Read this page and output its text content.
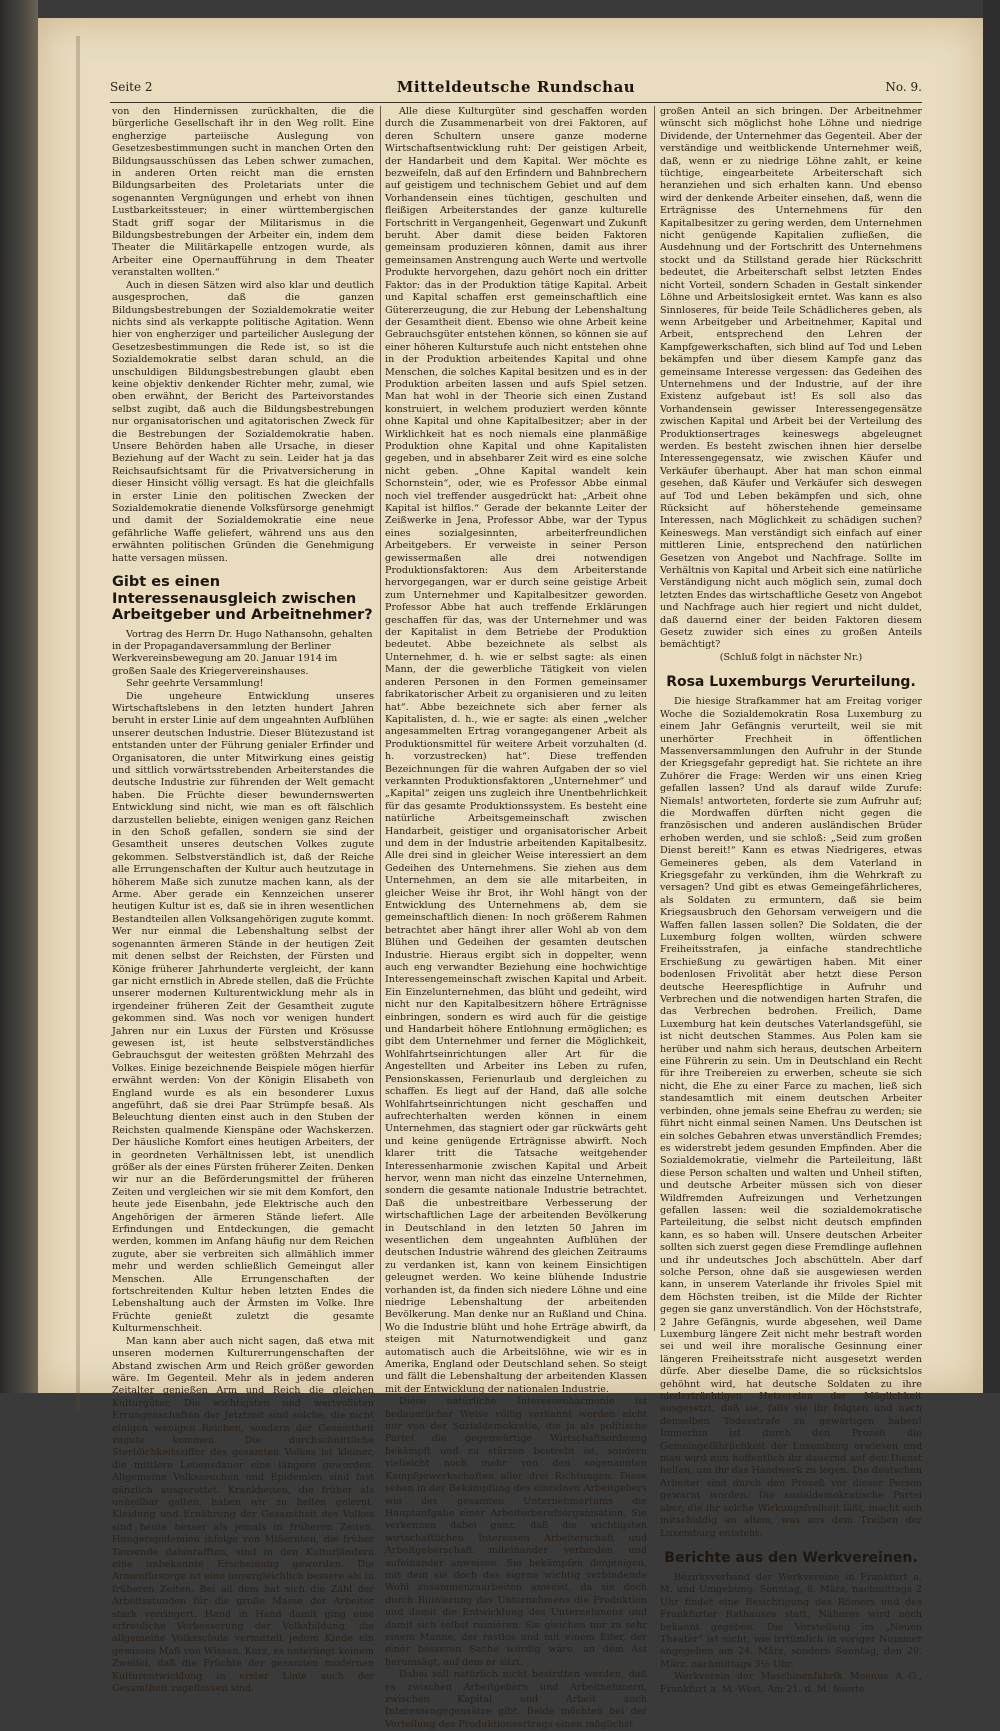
Seite 2	Mitteldeutsche Rundschau	No. 9.

von den Hindernissen zurückhalten, die die bürgerliche Gesellschaft ihr in den Weg rollt. Eine engherzige parteiische Auslegung von Gesetzesbestimmungen sucht in manchen Orten den Bildungsausschüssen das Leben schwer zumachen, in anderen Orten reicht man die ernsten Bildungsarbeiten des Proletariats unter die sogenannten Vergnügungen und erhebt von ihnen Lustbarkeitssteuer; in einer württembergischen Stadt griff sogar der Militarismus in die Bildungsbestrebungen der Arbeiter ein, indem dem Theater die Militärkapelle entzogen wurde, als Arbeiter eine Opernaufführung in dem Theater veranstalten wollten.“

Auch in diesen Sätzen wird also klar und deutlich ausgesprochen, daß die ganzen Bildungsbestrebungen der Sozialdemokratie weiter nichts sind als verkappte politische Agitation. Wenn hier von engherziger und parteilicher Auslegung der Gesetzesbestimmungen die Rede ist, so ist die Sozialdemokratie selbst daran schuld, an die unschuldigen Bildungsbestrebungen glaubt eben keine objektiv denkender Richter mehr, zumal, wie oben erwähnt, der Bericht des Parteivorstandes selbst zugibt, daß auch die Bildungsbestrebungen nur organisatorischen und agitatorischen Zweck für die Bestrebungen der Sozialdemokratie haben. Unsere Behörden haben alle Ursache, in dieser Beziehung auf der Wacht zu sein. Leider hat ja das Reichsaufsichtsamt für die Privatversicherung in dieser Hinsicht völlig versagt. Es hat die gleichfalls in erster Linie den politischen Zwecken der Sozialdemokratie dienende Volksfürsorge genehmigt und damit der Sozialdemokratie eine neue gefährliche Waffe geliefert, während uns aus den erwähnten politischen Gründen die Genehmigung hatte versagen müssen.

Gibt es einen Interessenausgleich zwischen Arbeitgeber und Arbeitnehmer?

Vortrag des Herrn Dr. Hugo Nathansohn, gehalten in der Propagandaversammlung der Berliner Werkvereinsbewegung am 20. Januar 1914 im großen Saale des Kriegervereinshauses.

Sehr geehrte Versammlung!

Die ungeheure Entwicklung unseres Wirtschaftslebens in den letzten hundert Jahren beruht in erster Linie auf dem ungeahnten Aufblühen unserer deutschen Industrie. Dieser Blütezustand ist entstanden unter der Führung genialer Erfinder und Organisatoren, die unter Mitwirkung eines geistig und sittlich vorwärtsstrebenden Arbeiterstandes die deutsche Industrie zur führenden der Welt gemacht haben. Die Früchte dieser bewundernswerten Entwicklung sind nicht, wie man es oft fälschlich darzustellen beliebte, einigen wenigen ganz Reichen in den Schoß gefallen, sondern sie sind der Gesamtheit unseres deutschen Volkes zugute gekommen. Selbstverständlich ist, daß der Reiche alle Errungenschaften der Kultur auch heutzutage in höherem Maße sich zunutze machen kann, als der Arme. Aber gerade ein Kennzeichen unserer heutigen Kultur ist es, daß sie in ihren wesentlichen Bestandteilen allen Volksangehörigen zugute kommt. Wer nur einmal die Lebenshaltung selbst der sogenannten ärmeren Stände in der heutigen Zeit mit denen selbst der Reichsten, der Fürsten und Könige früherer Jahrhunderte vergleicht, der kann gar nicht ernstlich in Abrede stellen, daß die Früchte unserer modernen Kulturentwicklung mehr als in irgendeiner früheren Zeit der Gesamtheit zugute gekommen sind. Was noch vor wenigen hundert Jahren nur ein Luxus der Fürsten und Krösusse gewesen ist, ist heute selbstverständliches Gebrauchsgut der weitesten größten Mehrzahl des Volkes. Einige bezeichnende Beispiele mögen hierfür erwähnt werden: Von der Königin Elisabeth von England wurde es als ein besonderer Luxus angeführt, daß sie drei Paar Strümpfe besaß. Als Beleuchtung dienten einst auch in den Stuben der Reichsten qualmende Kienspäne oder Wachskerzen. Der häusliche Komfort eines heutigen Arbeiters, der in geordneten Verhältnissen lebt, ist unendlich größer als der eines Fürsten früherer Zeiten. Denken wir nur an die Beförderungsmittel der früheren Zeiten und vergleichen wir sie mit dem Komfort, den heute jede Eisenbahn, jede Elektrische auch den Angehörigen der ärmeren Stände liefert. Alle Erfindungen und Entdeckungen, die gemacht werden, kommen im Anfang häufig nur dem Reichen zugute, aber sie verbreiten sich allmählich immer mehr und werden schließlich Gemeingut aller Menschen. Alle Errungenschaften der fortschreitenden Kultur heben letzten Endes die Lebenshaltung auch der Ärmsten im Volke. Ihre Früchte genießt zuletzt die gesamte Kulturmenschheit.

Man kann aber auch nicht sagen, daß etwa mit unseren modernen Kulturerrungenschaften der Abstand zwischen Arm und Reich größer geworden wäre. Im Gegenteil. Mehr als in jedem anderen Zeitalter genießen Arm und Reich die gleichen Kulturgüter. Die wichtigsten und wertvollsten Errungenschaften der Jetztzeit sind solche, die nicht einigen wenigen Reichen, sondern der Gesamtheit zugute kommen. Die durchschnittliche Sterblichkeitsziffer des gesamten Volkes ist kleiner, die mittlere Lebensdauer eine längere geworden. Allgemeine Volksseuchen und Epidemien sind fast gänzlich ausgerottet. Krankheiten, die früher als unheilbar galten, haben wir zu heilen gelernt. Kleidung und Ernährung der Gesamtheit des Volkes sind heute besser als jemals in früheren Zeiten. Hungerepidemien infolge von Mißernten, die früher Tausende dahinrafften, sind in den Kulturländern eine unbekannte Erscheinung geworden. Die Armenfürsorge ist eine unvergleichlich bessere als in früheren Zeiten. Bei all dem hat sich die Zahl der Arbeitsstunden für die große Masse der Arbeiter stark verringert. Hand in Hand damit ging eine erfreuliche Verbesserung der Volksbildung, die allgemeine Volksschule vermittelt jedem Kinde ein gewisses Maß von Wissen. Kurz, es unterliegt keinem Zweifel, daß die Früchte der gesamten modernen Kulturentwicklung in erster Linie auch der Gesamtheit zugeflossen sind.

Alle diese Kulturgüter sind geschaffen worden durch die Zusammenarbeit von drei Faktoren, auf deren Schultern unsere ganze moderne Wirtschaftsentwicklung ruht: Der geistigen Arbeit, der Handarbeit und dem Kapital. Wer möchte es bezweifeln, daß auf den Erfindern und Bahnbrechern auf geistigem und technischem Gebiet und auf dem Vorhandensein eines tüchtigen, geschulten und fleißigen Arbeiterstandes der ganze kulturelle Fortschritt in Vergangenheit, Gegenwart und Zukunft beruht. Aber damit diese beiden Faktoren gemeinsam produzieren können, damit aus ihrer gemeinsamen Anstrengung auch Werte und wertvolle Produkte hervorgehen, dazu gehört noch ein dritter Faktor: das in der Produktion tätige Kapital. Arbeit und Kapital schaffen erst gemeinschaftlich eine Gütererzeugung, die zur Hebung der Lebenshaltung der Gesamtheit dient. Ebenso wie ohne Arbeit keine Gebrauchsgüter entstehen können, so können sie auf einer höheren Kulturstufe auch nicht entstehen ohne in der Produktion arbeitendes Kapital und ohne Menschen, die solches Kapital besitzen und es in der Produktion arbeiten lassen und aufs Spiel setzen. Man hat wohl in der Theorie sich einen Zustand konstruiert, in welchem produziert werden könnte ohne Kapital und ohne Kapitalbesitzer; aber in der Wirklichkeit hat es noch niemals eine planmäßige Produktion ohne Kapital und ohne Kapitalisten gegeben, und in absehbarer Zeit wird es eine solche nicht geben. „Ohne Kapital wandelt kein Schornstein“, oder, wie es Professor Abbe einmal noch viel treffender ausgedrückt hat: „Arbeit ohne Kapital ist hilflos.“ Gerade der bekannte Leiter der Zeißwerke in Jena, Professor Abbe, war der Typus eines sozialgesinnten, arbeiterfreundlichen Arbeitgebers. Er verweiste in seiner Person gewissermaßen alle drei notwendigen Produktionsfaktoren: Aus dem Arbeiterstande hervorgegangen, war er durch seine geistige Arbeit zum Unternehmer und Kapitalbesitzer geworden. Professor Abbe hat auch treffende Erklärungen geschaffen für das, was der Unternehmer und was der Kapitalist in dem Betriebe der Produktion bedeutet. Abbe bezeichnete als selbst als Unternehmer, d. h. wie er selbst sagte: als einen Mann, der die gewerbliche Tätigkeit von vielen anderen Personen in den Formen gemeinsamer fabrikatorischer Arbeit zu organisieren und zu leiten hat“. Abbe bezeichnete sich aber ferner als Kapitalisten, d. h., wie er sagte: als einen „welcher angesammelten Ertrag vorangegangener Arbeit als Produktionsmittel für weitere Arbeit vorzuhalten (d. h. vorzustrecken) hat“. Diese treffenden Bezeichnungen für die wahren Aufgaben der so viel verkannten Produktionsfaktoren „Unternehmer“ und „Kapital“ zeigen uns zugleich ihre Unentbehrlichkeit für das gesamte Produktionssystem. Es besteht eine natürliche Arbeitsgemeinschaft zwischen Handarbeit, geistiger und organisatorischer Arbeit und dem in der Industrie arbeitenden Kapitalbesitz. Alle drei sind in gleicher Weise interessiert an dem Gedeihen des Unternehmens. Sie ziehen aus dem Unternehmen, an dem sie alle mitarbeiten, in gleicher Weise ihr Brot, ihr Wohl hängt von der Entwicklung des Unternehmens ab, dem sie gemeinschaftlich dienen: In noch größerem Rahmen betrachtet aber hängt ihrer aller Wohl ab von dem Blühen und Gedeihen der gesamten deutschen Industrie. Hieraus ergibt sich in doppelter, wenn auch eng verwandter Beziehung eine hochwichtige Interessengemeinschaft zwischen Kapital und Arbeit. Ein Einzelunternehmen, das blüht und gedeiht, wird nicht nur den Kapitalbesitzern höhere Erträgnisse einbringen, sondern es wird auch für die geistige und Handarbeit höhere Entlohnung ermöglichen; es gibt dem Unternehmer und ferner die Möglichkeit, Wohlfahrtseinrichtungen aller Art für die Angestellten und Arbeiter ins Leben zu rufen, Pensionskassen, Ferienurlaub und dergleichen zu schaffen. Es liegt auf der Hand, daß alle solche Wohlfahrtseinrichtungen nicht geschaffen und aufrechterhalten werden können in einem Unternehmen, das stagniert oder gar rückwärts geht und keine genügende Erträgnisse abwirft. Noch klarer tritt die Tatsache weitgehender Interessenharmonie zwischen Kapital und Arbeit hervor, wenn man nicht das einzelne Unternehmen, sondern die gesamte nationale Industrie betrachtet. Daß die unbestreitbare Verbesserung der wirtschaftlichen Lage der arbeitenden Bevölkerung in Deutschland in den letzten 50 Jahren im wesentlichen dem ungeahnten Aufblühen der deutschen Industrie während des gleichen Zeitraums zu verdanken ist, kann von keinem Einsichtigen geleugnet werden. Wo keine blühende Industrie vorhanden ist, da finden sich niedere Löhne und eine niedrige Lebenshaltung der arbeitenden Bevölkerung. Man denke nur an Rußland und China. Wo die Industrie blüht und hohe Erträge abwirft, da steigen mit Naturnotwendigkeit und ganz automatisch auch die Arbeitslöhne, wie wir es in Amerika, England oder Deutschland sehen. So steigt und fällt die Lebenshaltung der arbeitenden Klassen mit der Entwicklung der nationalen Industrie.

Diese natürliche Interessenharmonie ist bedauerlicher Weise völlig verkannt worden nicht nur von der Sozialdemokratie, die ja als politische Partei die gegenwärtige Wirtschaftsordnung bekämpft und zu stürzen bestrebt ist, sondern vielleicht noch mehr von den sogenannten Kampfgewerkschaften aller drei Richtungen. Diese sehen in der Bekämpfung des einzelnen Arbeitgebers wie des gesamten Unternehmertums die Hauptaufgabe einer Arbeiterberufsorganisation. Sie verkennen dabei ganz, daß die wichtigsten wirtschaftlichen Interessen Arbeiterschaft und Arbeitgeberschaft miteinander verbinden und aufeinander anweisen. Sie bekämpfen denjenigen, mit dem sie doch das eigene wichtig verbindende Wohl zusammenzuarbeiten anweist, da sie doch durch Ruinierung des Unternehmens die Produktion und damit die Entwicklung des Unternehmens und damit sich selbst ruinieren. Sie gleichen nur zu sehr einem Manne, der rastlos und mit einem Eifer, der einer besseren Sache würdig wäre, an dem Ast herumsägt, auf dem er sitzt.

Dabei soll natürlich nicht bestritten werden, daß es zwischen Arbeitgebern und Arbeitnehmern, zwischen Kapital und Arbeit auch Interessengegensätze gibt. Beide möchten bei der Verteilung des Produktionsertrags einen möglichst

großen Anteil an sich bringen. Der Arbeitnehmer wünscht sich möglichst hohe Löhne und niedrige Dividende, der Unternehmer das Gegenteil. Aber der verständige und weitblickende Unternehmer weiß, daß, wenn er zu niedrige Löhne zahlt, er keine tüchtige, eingearbeitete Arbeiterschaft sich heranziehen und sich erhalten kann. Und ebenso wird der denkende Arbeiter einsehen, daß, wenn die Erträgnisse des Unternehmens für den Kapitalbesitzer zu gering werden, dem Unternehmen nicht genügende Kapitalien zufließen, die Ausdehnung und der Fortschritt des Unternehmens stockt und da Stillstand gerade hier Rückschritt bedeutet, die Arbeiterschaft selbst letzten Endes nicht Vorteil, sondern Schaden in Gestalt sinkender Löhne und Arbeitslosigkeit erntet. Was kann es also Sinnloseres, für beide Teile Schädlicheres geben, als wenn Arbeitgeber und Arbeitnehmer, Kapital und Arbeit, entsprechend den Lehren der Kampfgewerkschaften, sich blind auf Tod und Leben bekämpfen und über diesem Kampfe ganz das gemeinsame Interesse vergessen: das Gedeihen des Unternehmens und der Industrie, auf der ihre Existenz aufgebaut ist! Es soll also das Vorhandensein gewisser Interessengegensätze zwischen Kapital und Arbeit bei der Verteilung des Produktionsertrages keineswegs abgeleugnet werden. Es besteht zwischen ihnen hier derselbe Interessengegensatz, wie zwischen Käufer und Verkäufer überhaupt. Aber hat man schon einmal gesehen, daß Käufer und Verkäufer sich deswegen auf Tod und Leben bekämpfen und sich, ohne Rücksicht auf höherstehende gemeinsame Interessen, nach Möglichkeit zu schädigen suchen? Keineswegs. Man verständigt sich einfach auf einer mittleren Linie, entsprechend den natürlichen Gesetzen von Angebot und Nachfrage. Sollte im Verhältnis von Kapital und Arbeit sich eine natürliche Verständigung nicht auch möglich sein, zumal doch letzten Endes das wirtschaftliche Gesetz von Angebot und Nachfrage auch hier regiert und nicht duldet, daß dauernd einer der beiden Faktoren diesem Gesetz zuwider sich eines zu großen Anteils bemächtigt?

(Schluß folgt in nächster Nr.)

Rosa Luxemburgs Verurteilung.

Die hiesige Strafkammer hat am Freitag voriger Woche die Sozialdemokratin Rosa Luxemburg zu einem Jahr Gefängnis verurteilt, weil sie mit unerhörter Frechheit in öffentlichen Massenversammlungen den Aufruhr in der Stunde der Kriegsgefahr gepredigt hat. Sie richtete an ihre Zuhörer die Frage: Werden wir uns einen Krieg gefallen lassen? Und als darauf wilde Zurufe: Niemals! antworteten, forderte sie zum Aufruhr auf; die Mordwaffen dürften nicht gegen die französischen und anderen ausländischen Brüder erhoben werden, und sie schloß: „Seid zum großen Dienst bereit!“ Kann es etwas Niedrigeres, etwas Gemeineres geben, als dem Vaterland in Kriegsgefahr zu verkünden, ihm die Wehrkraft zu versagen? Und gibt es etwas Gemeingefährlicheres, als Soldaten zu ermuntern, daß sie beim Kriegsausbruch den Gehorsam verweigern und die Waffen fallen lassen sollen? Die Soldaten, die der Luxemburg folgen wollten, würden schwere Freiheitsstrafen, ja einfache standrechtliche Erschießung zu gewärtigen haben. Mit einer bodenlosen Frivolität aber hetzt diese Person deutsche Heerespflichtige in Aufruhr und Verbrechen und die notwendigen harten Strafen, die das Verbrechen bedrohen. Freilich, Dame Luxemburg hat kein deutsches Vaterlandsgefühl, sie ist nicht deutschen Stammes. Aus Polen kam sie herüber und nahm sich heraus, deutschen Arbeitern eine Führerin zu sein. Um in Deutschland ein Recht für ihre Treibereien zu erwerben, scheute sie sich nicht, die Ehe zu einer Farce zu machen, ließ sich standesamtlich mit einem deutschen Arbeiter verbinden, ohne jemals seine Ehefrau zu werden; sie führt nicht einmal seinen Namen. Uns Deutschen ist ein solches Gebahren etwas unverständlich Fremdes; es widerstrebt jedem gesunden Empfinden. Aber die Sozialdemokratie, vielmehr die Parteileitung, läßt diese Person schalten und walten und Unheil stiften, und deutsche Arbeiter müssen sich von dieser Wildfremden Aufreizungen und Verhetzungen gefallen lassen: weil die sozialdemokratische Parteileitung, die selbst nicht deutsch empfinden kann, es so haben will. Unsere deutschen Arbeiter sollten sich zuerst gegen diese Fremdlinge auflehnen und ihr undeutsches Joch abschütteln. Aber darf solche Person, ohne daß sie ausgewiesen werden kann, in unserem Vaterlande ihr frivoles Spiel mit dem Höchsten treiben, ist die Milde der Richter gegen sie ganz unverständlich. Von der Höchststrafe, 2 Jahre Gefängnis, wurde abgesehen, weil Dame Luxemburg längere Zeit nicht mehr bestraft worden sei und weil ihre moralische Gesinnung einer längeren Freiheitsstrafe nicht ausgesetzt werden dürfe. Aber dieselbe Dame, die so rücksichtslos gehöhnt wird, hat deutsche Soldaten zu ihre niederträchtigen Hetzereien der Möglichkeit ausgesetzt, daß sie, falls sie ihr folgten und nach denselben Todesstrafe zu gewärtigen haben! Immerhin ist durch den Prozeß die Gemeingefährlichkeit der Luxemburg erwiesen und man wird nun hoffentlich ihr dauernd auf den Dienst helfen, um ihr das Handwerk zu legen. Die deutschen Arbeiter sind durch den Prozeß vor dieser Person gewarnt worden. Die sozialdemokratische Partei aber, die ihr solche Wirkungsfreiheit läßt, macht sich mitschuldig an allem, was aus dem Treiben der Luxemburg entsteht.

Berichte aus den Werkvereinen.

Bezirksverband der Werkvereine in Frankfurt a. M. und Umgebung. Sonntag, 8. März, nachmittags 2 Uhr findet eine Besichtigung des Römers und des Frankfurter Rathauses statt. Näheres wird noch bekannt gegeben. Die Vorstellung im „Neuen Theater“ ist nicht, wie irrtümlich in voriger Nummer angegeben am 24. März, sondern Sonntag, den 29. März, nachmittags 3½ Uhr.

Werkverein der Maschinenfabrik Moenus A.-G., Frankfurt a. M.-West. Am 21. d. M. feierte
